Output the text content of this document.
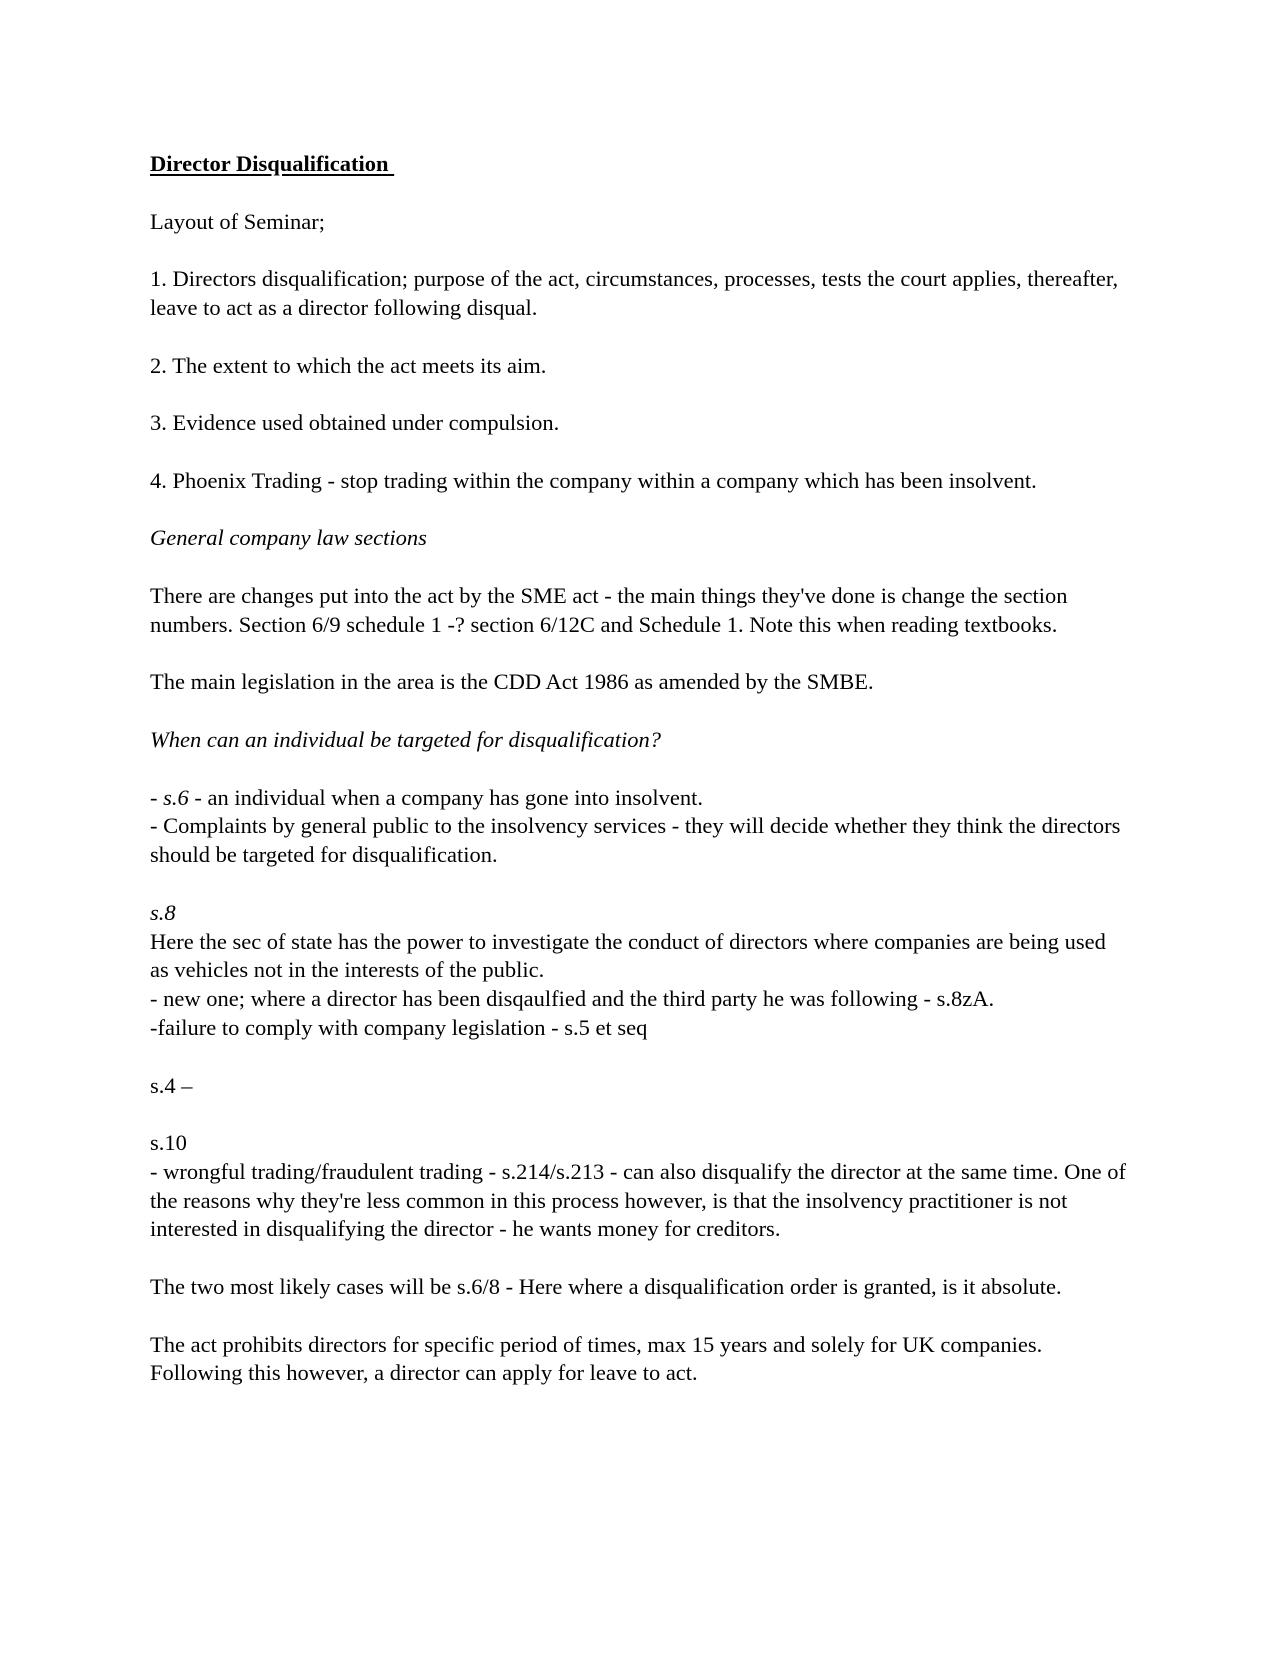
Director Disqualification

Layout of Seminar;

1. Directors disqualification; purpose of the act, circumstances, processes, tests the court applies, thereafter, leave to act as a director following disqual.

2. The extent to which the act meets its aim.

3. Evidence used obtained under compulsion.

4. Phoenix Trading - stop trading within the company within a company which has been insolvent.

General company law sections

There are changes put into the act by the SME act - the main things they've done is change the section numbers. Section 6/9 schedule 1 -? section 6/12C and Schedule 1. Note this when reading textbooks.

The main legislation in the area is the CDD Act 1986 as amended by the SMBE.

When can an individual be targeted for disqualification?

- s.6 - an individual when a company has gone into insolvent.
- Complaints by general public to the insolvency services - they will decide whether they think the directors should be targeted for disqualification.

s.8
Here the sec of state has the power to investigate the conduct of directors where companies are being used as vehicles not in the interests of the public.
- new one; where a director has been disqaulfied and the third party he was following - s.8zA.
-failure to comply with company legislation - s.5 et seq

s.4 –

s.10
- wrongful trading/fraudulent trading - s.214/s.213 - can also disqualify the director at the same time. One of the reasons why they're less common in this process however, is that the insolvency practitioner is not interested in disqualifying the director - he wants money for creditors.

The two most likely cases will be s.6/8 - Here where a disqualification order is granted, is it absolute.

The act prohibits directors for specific period of times, max 15 years and solely for UK companies. Following this however, a director can apply for leave to act.
